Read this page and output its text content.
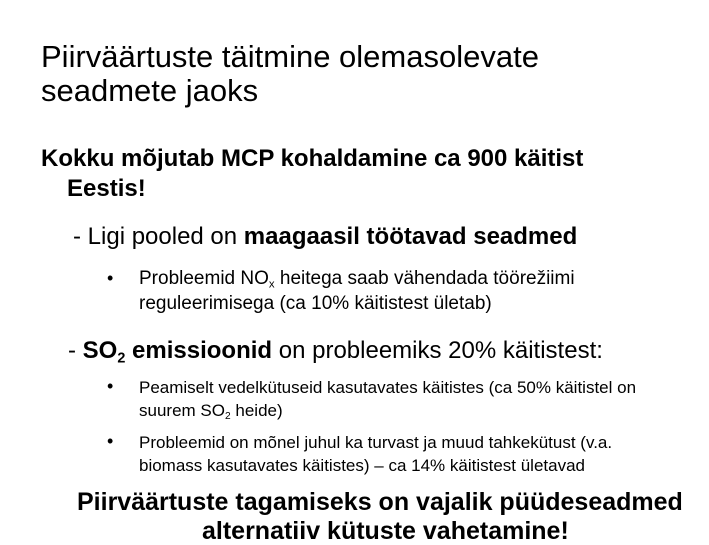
Piirväärtuste täitmine olemasolevate
seadmete jaoks
Kokku mõjutab MCP kohaldamine ca 900 käitist
Eestis!
- Ligi pooled on maagaasil töötavad seadmed
• Probleemid $NO_x$ heitega saab vähendada töörežiimi
reguleerimisega (ca 10% käitistest ületab)
- $SO_2$ emissioonid on probleemiks 20% käitistest:
• Peamiselt vedelkütuseid kasutavates käitistes (ca 50% käitistel on
suurem $SO_2$ heide)
• Probleemid on mõnel juhul ka turvast ja muud tahkekütust (v.a.
biomass kasutavates käitistes) – ca 14% käitistest ületavad
Piirväärtuste tagamiseks on vajalik püüdeseadmed
alternatiiv kütuste vahetamine!
